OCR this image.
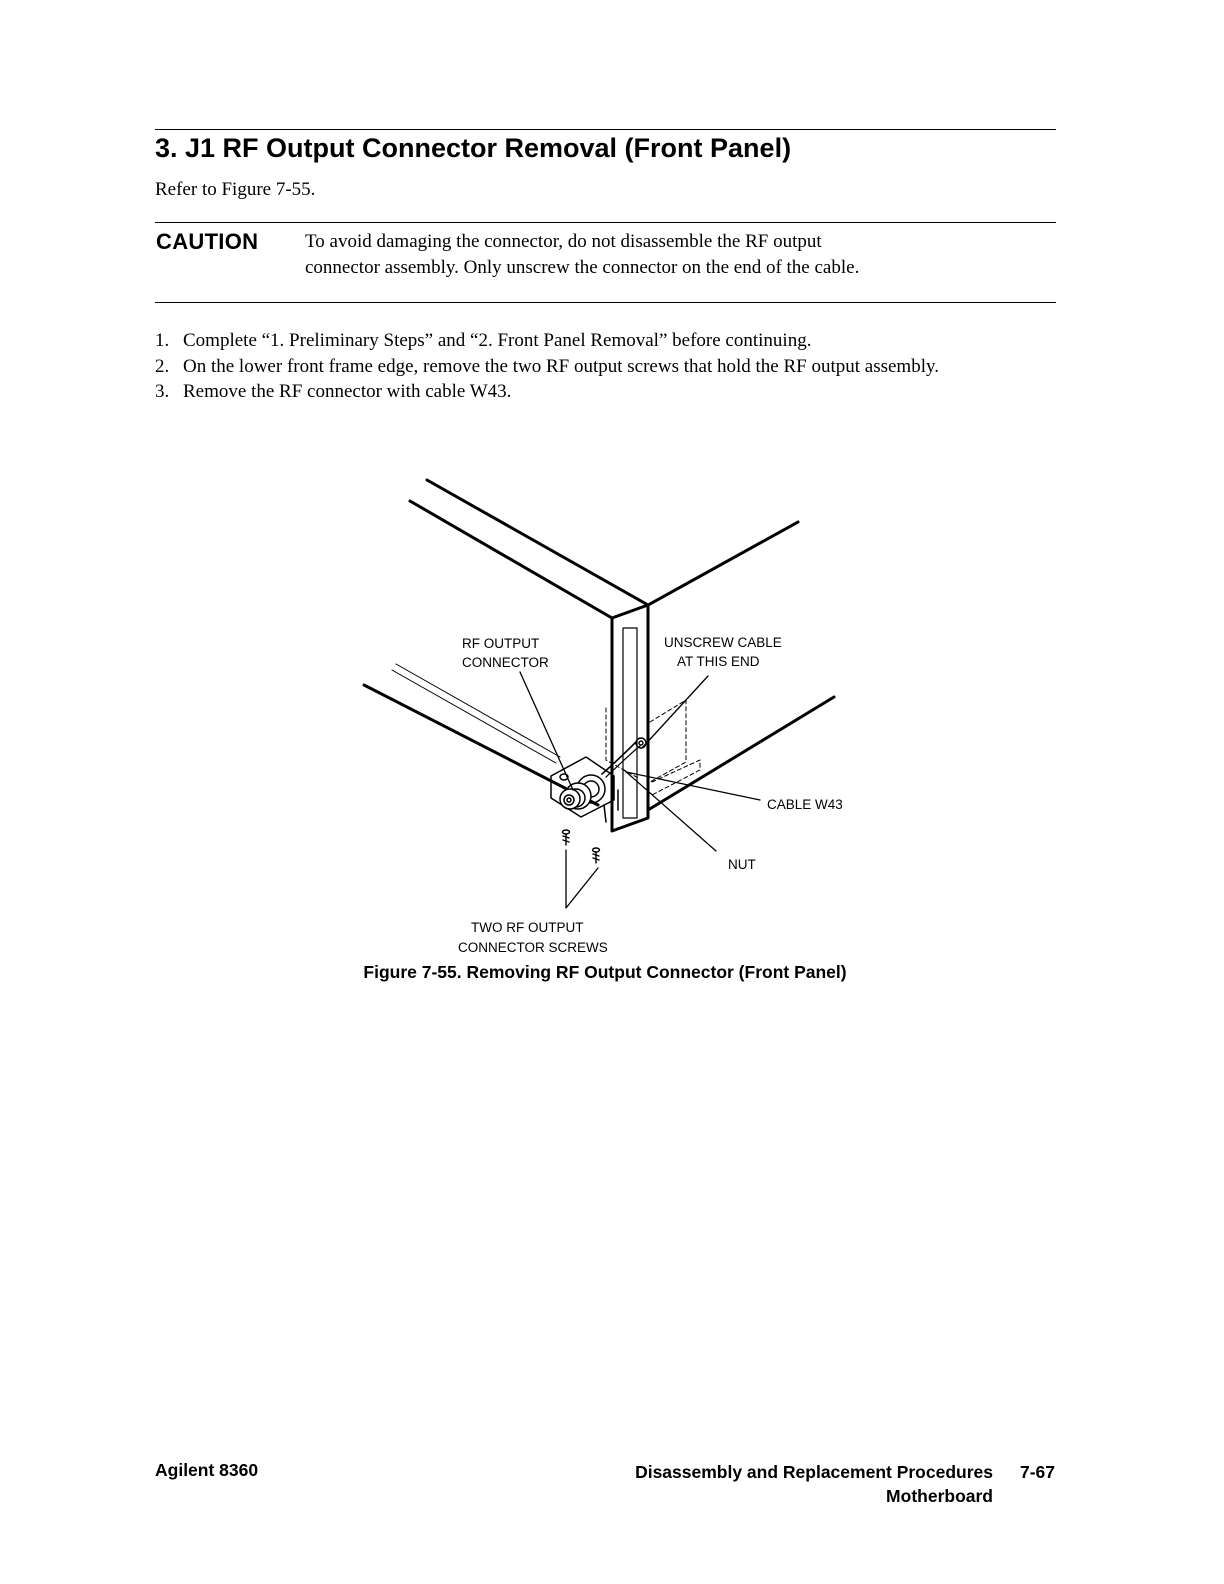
3. J1 RF Output Connector Removal (Front Panel)
Refer to Figure 7-55.
CAUTION To avoid damaging the connector, do not disassemble the RF output
connector assembly. Only unscrew the connector on the end of the cable.
1. Complete “1. Preliminary Steps” and “2. Front Panel Removal” before continuing.
2. On the lower front frame edge, remove the two RF output screws that hold the RF output assembly.
3. Remove the RF connector with cable W43.
RF OUTPUT
CONNECTOR
UNSCREW CABLE
AT THIS END
CABLE W43
NUT
TWO RF OUTPUT
CONNECTOR SCREWS
Figure 7-55. Removing RF Output Connector (Front Panel)
Agilent 8360	Disassembly and Replacement Procedures 7-67
Motherboard
